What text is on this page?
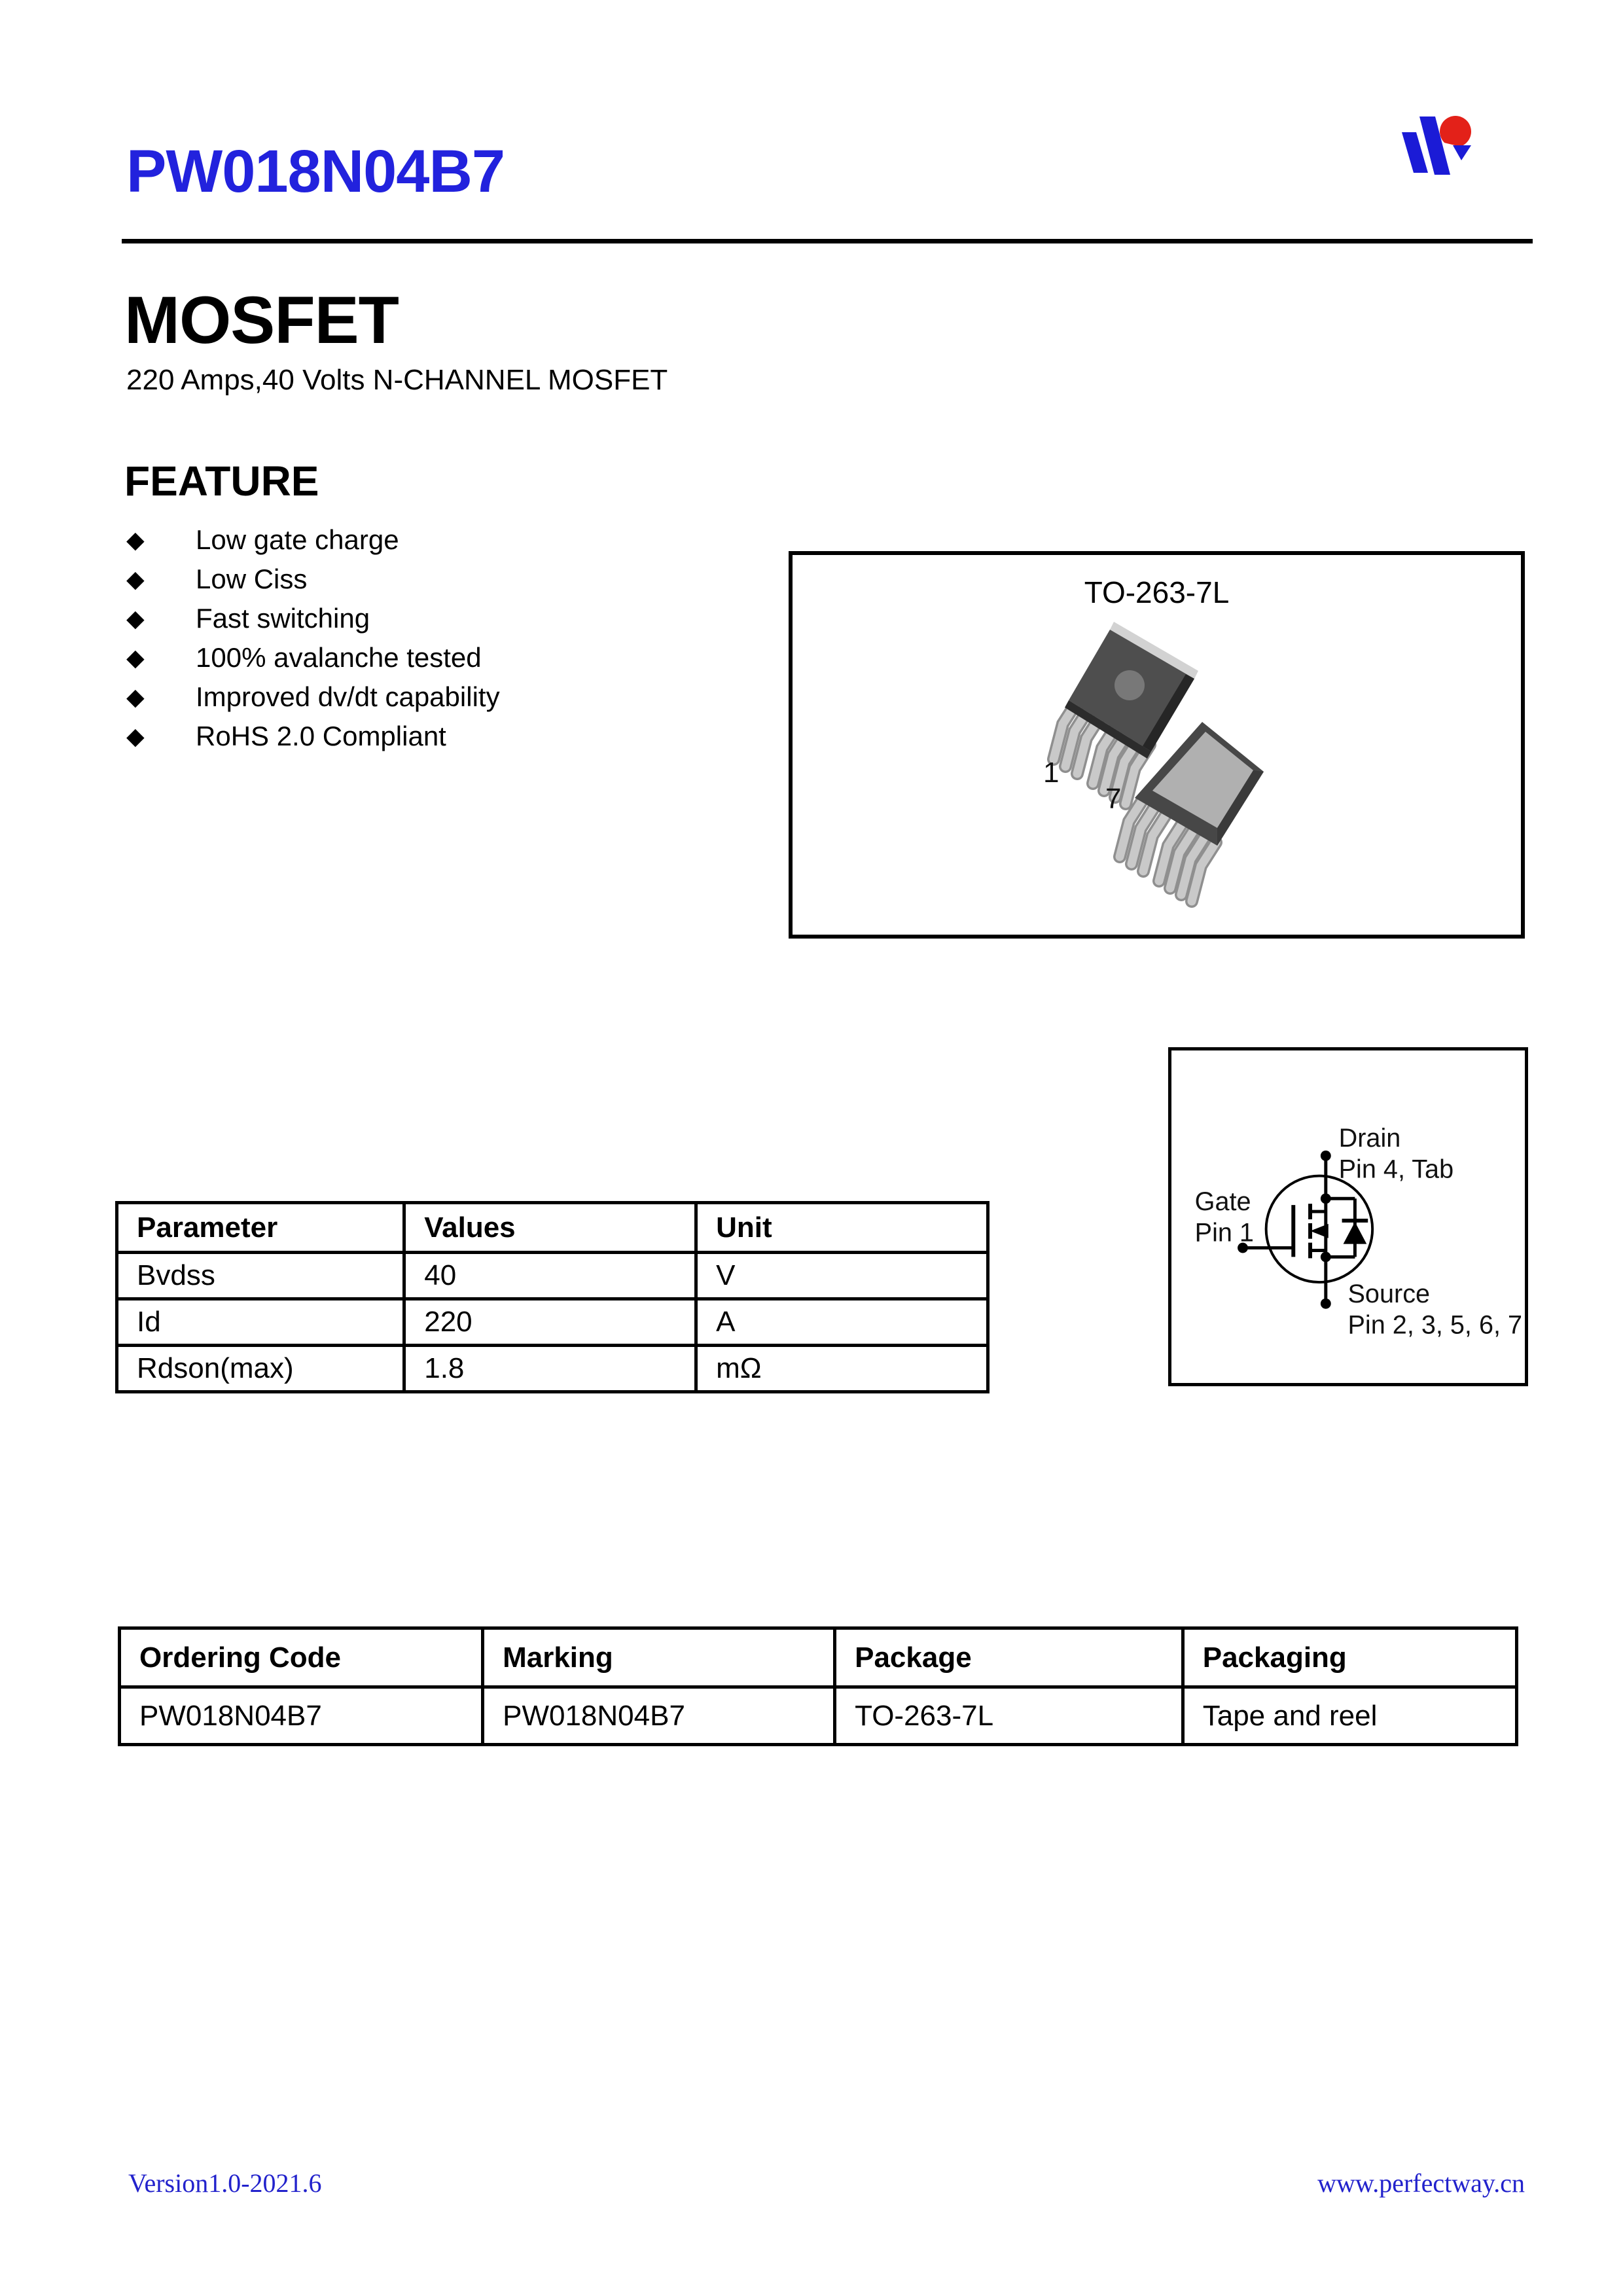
PW018N04B7
MOSFET
220 Amps,40 Volts N-CHANNEL MOSFET
FEATURE
◆	Low gate charge
◆	Low Ciss
◆	Fast switching
◆	100% avalanche tested
◆	Improved dv/dt capability
◆	RoHS 2.0 Compliant
TO-263-7L
1
7
Drain
Pin 4, Tab
Gate
Pin 1
Source
Pin 2, 3, 5, 6, 7
Parameter	Values	Unit
Bvdss	40	V
Id	220	A
Rdson(max)	1.8	mΩ
Ordering Code	Marking	Package	Packaging
PW018N04B7	PW018N04B7	TO-263-7L	Tape and reel
Version1.0-2021.6	www.perfectway.cn
